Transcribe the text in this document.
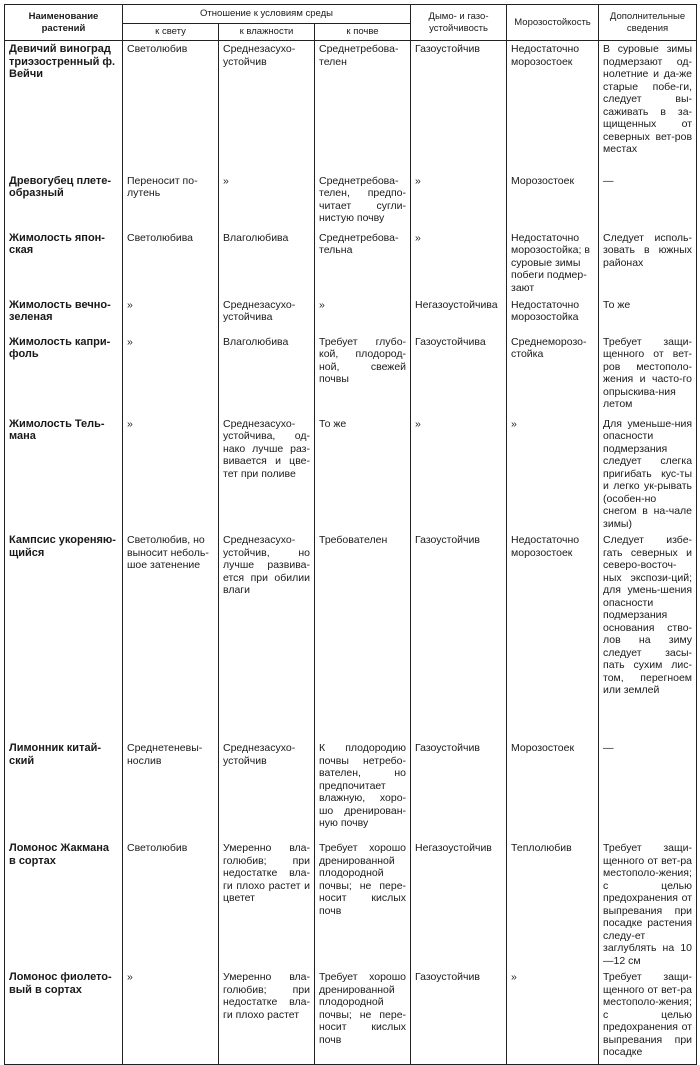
Наименование растений	Отношение к условиям среды			Дымо- и газо-устойчивость	Морозостойкость	Дополнительные сведения
	к свету	к влажности	к почве			
Девичий виноград триэзостренный ф. Вейчи	Светолюбив	Среднезасухо-устойчив	Среднетребова-телен	Газоустойчив	Недостаточно морозостоек	В суровые зимы подмерзают од-нолетние и да-же старые побе-ги, следует вы-саживать в за-щищенных от северных вет-ров местах
Древогубец плете-образный	Переносит по-лутень	»	Среднетребова-телен, предпо-читает сугли-нистую почву	»	Морозостоек	—
Жимолость япон-ская	Светолюбива	Влаголюбива	Среднетребова-тельна	»	Недостаточно морозостойка; в суровые зимы побеги подмер-зают	Следует исполь-зовать в южных районах
Жимолость вечно-зеленая	»	Среднезасухо-устойчива	»	Негазоустойчива	Недостаточно морозостойка	То же
Жимолость капри-фоль	»	Влаголюбива	Требует глубо-кой, плодород-ной, свежей почвы	Газоустойчива	Среднеморозо-стойка	Требует защи-щенного от вет-ров местополо-жения и часто-го опрыскива-ния летом
Жимолость Тель-мана	»	Среднезасухо-устойчива, од-нако лучше раз-вивается и цве-тет при поливе	То же	»	»	Для уменьше-ния опасности подмерзания следует слегка пригибать кус-ты и легко ук-рывать (особен-но снегом в на-чале зимы)
Кампсис укореняю-щийся	Светолюбив, но выносит неболь-шое затенение	Среднезасухо-устойчив, но лучше развива-ется при обилии влаги	Требователен	Газоустойчив	Недостаточно морозостоек	Следует избе-гать северных и северо-восточ-ных экспози-ций; для умень-шения опасности подмерзания основания ство-лов на зиму следует засы-пать сухим лис-том, перегноем или землей
Лимонник китай-ский	Среднетеневы-нослив	Среднезасухо-устойчив	К плодородию почвы нетребо-вателен, но предпочитает влажную, хоро-шо дренирован-ную почву	Газоустойчив	Морозостоек	—
Ломонос Жакмана в сортах	Светолюбив	Умеренно вла-голюбив; при недостатке вла-ги плохо растет и цветет	Требует хорошо дренированной плодородной почвы; не пере-носит кислых почв	Негазоустойчив	Теплолюбив	Требует защи-щенного от вет-ра местополо-жения; с целью предохранения от выпревания при посадке растения следу-ет заглублять на 10—12 см
Ломонос фиолето-вый в сортах	»	Умеренно вла-голюбив; при недостатке вла-ги плохо растет	Требует хорошо дренированной плодородной почвы; не пере-носит кислых почв	Газоустойчив	»	Требует защи-щенного от вет-ра местополо-жения; с целью предохранения от выпревания при посадке
